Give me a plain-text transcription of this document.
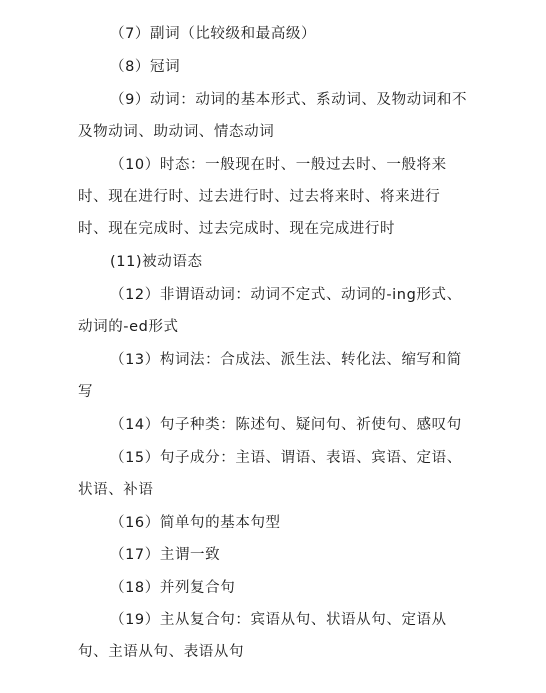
（7）副词（比较级和最高级）
（8）冠词
（9）动词：动词的基本形式、系动词、及物动词和不
及物动词、助动词、情态动词
（10）时态：一般现在时、一般过去时、一般将来
时、现在进行时、过去进行时、过去将来时、将来进行
时、现在完成时、过去完成时、现在完成进行时
(11)被动语态
（12）非谓语动词：动词不定式、动词的-ing形式、
动词的-ed形式
（13）构词法：合成法、派生法、转化法、缩写和简
写
（14）句子种类：陈述句、疑问句、祈使句、感叹句
（15）句子成分：主语、谓语、表语、宾语、定语、
状语、补语
（16）简单句的基本句型
（17）主谓一致
（18）并列复合句
（19）主从复合句：宾语从句、状语从句、定语从
句、主语从句、表语从句
